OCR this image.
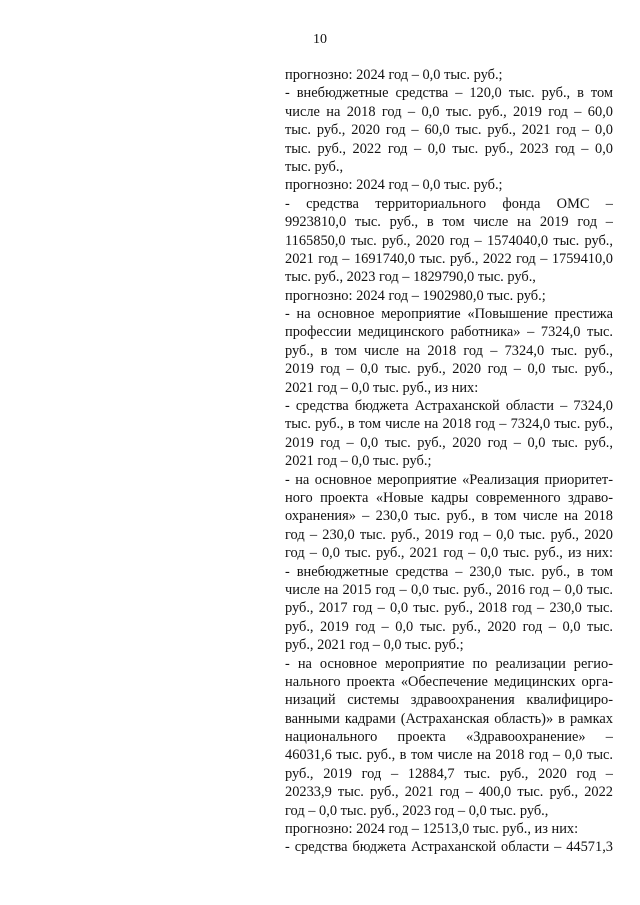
10
прогнозно: 2024 год – 0,0 тыс. руб.;
- внебюджетные средства – 120,0 тыс. руб., в том
числе на 2018 год – 0,0 тыс. руб., 2019 год – 60,0
тыс. руб., 2020 год – 60,0 тыс. руб., 2021 год – 0,0
тыс. руб., 2022 год – 0,0 тыс. руб., 2023 год – 0,0
тыс. руб.,
прогнозно: 2024 год – 0,0 тыс. руб.;
- средства территориального фонда ОМС –
9923810,0 тыс. руб., в том числе на 2019 год –
1165850,0 тыс. руб., 2020 год – 1574040,0 тыс. руб.,
2021 год – 1691740,0 тыс. руб., 2022 год – 1759410,0
тыс. руб., 2023 год – 1829790,0 тыс. руб.,
прогнозно: 2024 год – 1902980,0 тыс. руб.;
- на основное мероприятие «Повышение престижа
профессии медицинского работника» – 7324,0 тыс.
руб., в том числе на 2018 год – 7324,0 тыс. руб.,
2019 год – 0,0 тыс. руб., 2020 год – 0,0 тыс. руб.,
2021 год – 0,0 тыс. руб., из них:
- средства бюджета Астраханской области – 7324,0
тыс. руб., в том числе на 2018 год – 7324,0 тыс. руб.,
2019 год – 0,0 тыс. руб., 2020 год – 0,0 тыс. руб.,
2021 год – 0,0 тыс. руб.;
- на основное мероприятие «Реализация приоритет-
ного проекта «Новые кадры современного здраво-
охранения» – 230,0 тыс. руб., в том числе на 2018
год – 230,0 тыс. руб., 2019 год – 0,0 тыс. руб., 2020
год – 0,0 тыс. руб., 2021 год – 0,0 тыс. руб., из них:
- внебюджетные средства – 230,0 тыс. руб., в том
числе на 2015 год – 0,0 тыс. руб., 2016 год – 0,0 тыс.
руб., 2017 год – 0,0 тыс. руб., 2018 год – 230,0 тыс.
руб., 2019 год – 0,0 тыс. руб., 2020 год – 0,0 тыс.
руб., 2021 год – 0,0 тыс. руб.;
- на основное мероприятие по реализации регио-
нального проекта «Обеспечение медицинских орга-
низаций системы здравоохранения квалифициро-
ванными кадрами (Астраханская область)» в рамках
национального проекта «Здравоохранение» –
46031,6 тыс. руб., в том числе на 2018 год – 0,0 тыс.
руб., 2019 год – 12884,7 тыс. руб., 2020 год –
20233,9 тыс. руб., 2021 год – 400,0 тыс. руб., 2022
год – 0,0 тыс. руб., 2023 год – 0,0 тыс. руб.,
прогнозно: 2024 год – 12513,0 тыс. руб., из них:
- средства бюджета Астраханской области – 44571,3
